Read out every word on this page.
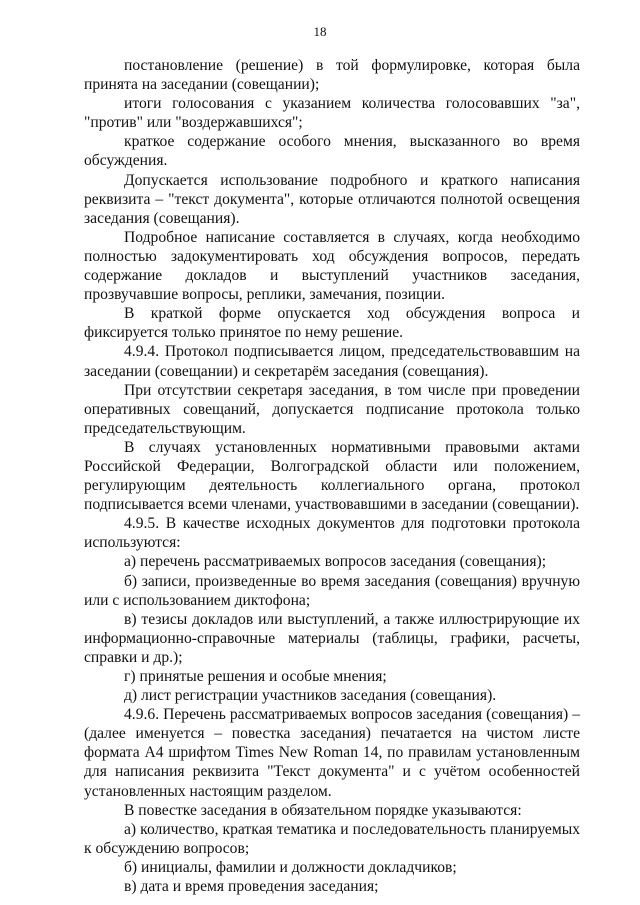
18

постановление (решение) в той формулировке, которая была принята на заседании (совещании);

итоги голосования с указанием количества голосовавших "за", "против" или "воздержавшихся";

краткое содержание особого мнения, высказанного во время обсуждения.

Допускается использование подробного и краткого написания реквизита – "текст документа", которые отличаются полнотой освещения заседания (совещания).

Подробное написание составляется в случаях, когда необходимо полностью задокументировать ход обсуждения вопросов, передать содержание докладов и выступлений участников заседания, прозвучавшие вопросы, реплики, замечания, позиции.

В краткой форме опускается ход обсуждения вопроса и фиксируется только принятое по нему решение.

4.9.4. Протокол подписывается лицом, председательствовавшим на заседании (совещании) и секретарём заседания (совещания).

При отсутствии секретаря заседания, в том числе при проведении оперативных совещаний, допускается подписание протокола только председательствующим.

В случаях установленных нормативными правовыми актами Российской Федерации, Волгоградской области или положением, регулирующим деятельность коллегиального органа, протокол подписывается всеми членами, участвовавшими в заседании (совещании).

4.9.5. В качестве исходных документов для подготовки протокола используются:

а) перечень рассматриваемых вопросов заседания (совещания);

б) записи, произведенные во время заседания (совещания) вручную или с использованием диктофона;

в) тезисы докладов или выступлений, а также иллюстрирующие их информационно-справочные материалы (таблицы, графики, расчеты, справки и др.);

г) принятые решения и особые мнения;

д) лист регистрации участников заседания (совещания).

4.9.6. Перечень рассматриваемых вопросов заседания (совещания) – (далее именуется – повестка заседания) печатается на чистом листе формата А4 шрифтом Times New Roman 14, по правилам установленным для написания реквизита "Текст документа" и с учётом особенностей установленных настоящим разделом.

В повестке заседания в обязательном порядке указываются:

а) количество, краткая тематика и последовательность планируемых к обсуждению вопросов;

б) инициалы, фамилии и должности докладчиков;

в) дата и время проведения заседания;
